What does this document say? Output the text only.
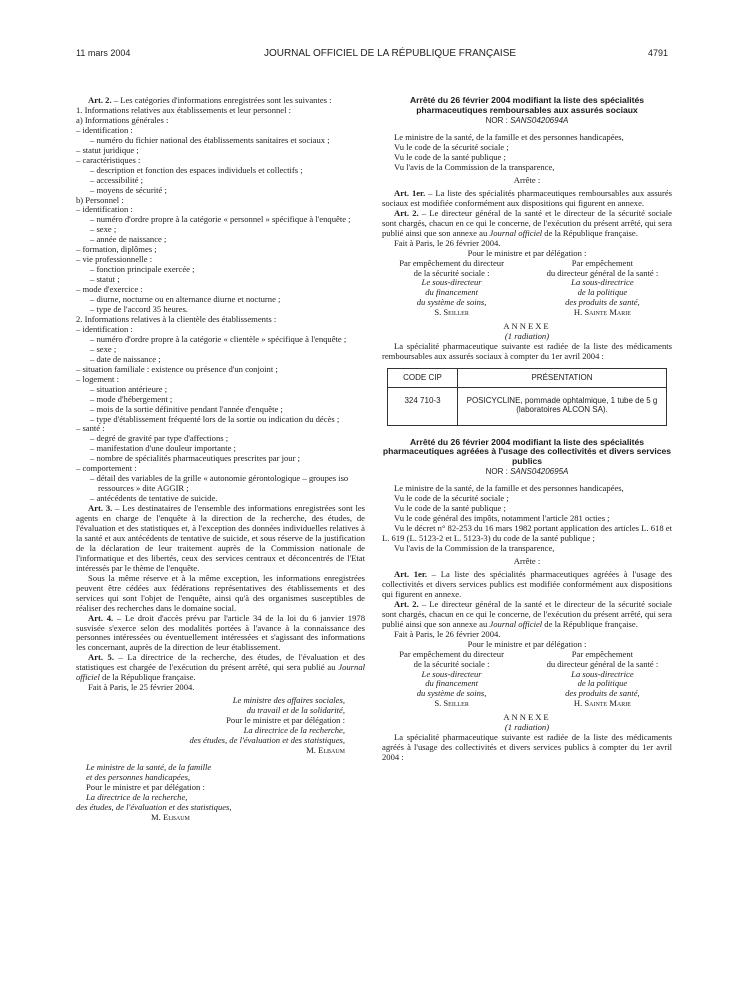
11 mars 2004	JOURNAL OFFICIEL DE LA RÉPUBLIQUE FRANÇAISE	4791
Art. 2. – Les catégories d'informations enregistrées sont les suivantes :
1. Informations relatives aux établissements et leur personnel :
a) Informations générales :
– identification :
– numéro du fichier national des établissements sanitaires et sociaux ;
– statut juridique ;
– caractéristiques :
– description et fonction des espaces individuels et collectifs ;
– accessibilité ;
– moyens de sécurité ;
b) Personnel :
– identification :
– numéro d'ordre propre à la catégorie « personnel » spécifique à l'enquête ;
– sexe ;
– année de naissance ;
– formation, diplômes ;
– vie professionnelle :
– fonction principale exercée ;
– statut ;
– mode d'exercice :
– diurne, nocturne ou en alternance diurne et nocturne ;
– type de l'accord 35 heures.
2. Informations relatives à la clientèle des établissements :
– identification :
– numéro d'ordre propre à la catégorie « clientèle » spécifique à l'enquête ;
– sexe ;
– date de naissance ;
– situation familiale : existence ou présence d'un conjoint ;
– logement :
– situation antérieure ;
– mode d'hébergement ;
– mois de la sortie définitive pendant l'année d'enquête ;
– type d'établissement fréquenté lors de la sortie ou indication du décès ;
– santé :
– degré de gravité par type d'affections ;
– manifestation d'une douleur importante ;
– nombre de spécialités pharmaceutiques prescrites par jour ;
– comportement :
– détail des variables de la grille « autonomie gérontologique – groupes iso ressources » dite AGGIR ;
– antécédents de tentative de suicide.
Art. 3. – Les destinataires de l'ensemble des informations enregistrées sont les agents en charge de l'enquête à la direction de la recherche, des études, de l'évaluation et des statistiques et, à l'exception des données individuelles relatives à la santé et aux antécédents de tentative de suicide, et sous réserve de la justification de la déclaration de leur traitement auprès de la Commission nationale de l'informatique et des libertés, ceux des services centraux et déconcentrés de l'Etat intéressés par le thème de l'enquête.
Sous la même réserve et à la même exception, les informations enregistrées peuvent être cédées aux fédérations représentatives des établissements et des services qui sont l'objet de l'enquête, ainsi qu'à des organismes susceptibles de réaliser des recherches dans le domaine social.
Art. 4. – Le droit d'accès prévu par l'article 34 de la loi du 6 janvier 1978 susvisée s'exerce selon des modalités portées à l'avance à la connaissance des personnes intéressées ou éventuellement intéressées et s'agissant des informations les concernant, auprès de la direction de leur établissement.
Art. 5. – La directrice de la recherche, des études, de l'évaluation et des statistiques est chargée de l'exécution du présent arrêté, qui sera publié au Journal officiel de la République française.
Fait à Paris, le 25 février 2004.
Le ministre des affaires sociales,
du travail et de la solidarité,
Pour le ministre et par délégation :
La directrice de la recherche,
des études, de l'évaluation et des statistiques,
M. Elbaum
Le ministre de la santé, de la famille
et des personnes handicapées,
Pour le ministre et par délégation :
La directrice de la recherche,
des études, de l'évaluation et des statistiques,
M. Elbaum
Arrêté du 26 février 2004 modifiant la liste des spécialités pharmaceutiques remboursables aux assurés sociaux
NOR : SANS0420694A
Le ministre de la santé, de la famille et des personnes handicapées,
Vu le code de la sécurité sociale ;
Vu le code de la santé publique ;
Vu l'avis de la Commission de la transparence,
Arrête :
Art. 1er. – La liste des spécialités pharmaceutiques remboursables aux assurés sociaux est modifiée conformément aux dispositions qui figurent en annexe.
Art. 2. – Le directeur général de la santé et le directeur de la sécurité sociale sont chargés, chacun en ce qui le concerne, de l'exécution du présent arrêté, qui sera publié ainsi que son annexe au Journal officiel de la République française.
Fait à Paris, le 26 février 2004.
Pour le ministre et par délégation :
Par empêchement du directeur
de la sécurité sociale :
Le sous-directeur
du financement
du système de soins,
S. Seiller
Par empêchement
du directeur général de la santé :
La sous-directrice
de la politique
des produits de santé,
H. Sainte Marie
ANNEXE
(1 radiation)
La spécialité pharmaceutique suivante est radiée de la liste des médicaments remboursables aux assurés sociaux à compter du 1er avril 2004 :
CODE CIP	PRÉSENTATION
324 710-3	POSICYCLINE, pommade ophtalmique, 1 tube de 5 g (laboratoires ALCON SA).
Arrêté du 26 février 2004 modifiant la liste des spécialités pharmaceutiques agréées à l'usage des collectivités et divers services publics
NOR : SANS0420695A
Le ministre de la santé, de la famille et des personnes handicapées,
Vu le code de la sécurité sociale ;
Vu le code de la santé publique ;
Vu le code général des impôts, notamment l'article 281 octies ;
Vu le décret n° 82-253 du 16 mars 1982 portant application des articles L. 618 et L. 619 (L. 5123-2 et L. 5123-3) du code de la santé publique ;
Vu l'avis de la Commission de la transparence,
Arrête :
Art. 1er. – La liste des spécialités pharmaceutiques agréées à l'usage des collectivités et divers services publics est modifiée conformément aux dispositions qui figurent en annexe.
Art. 2. – Le directeur général de la santé et le directeur de la sécurité sociale sont chargés, chacun en ce qui le concerne, de l'exécution du présent arrêté, qui sera publié ainsi que son annexe au Journal officiel de la République française.
Fait à Paris, le 26 février 2004.
Pour le ministre et par délégation :
Par empêchement du directeur
de la sécurité sociale :
Le sous-directeur
du financement
du système de soins,
S. Seiller
Par empêchement
du directeur général de la santé :
La sous-directrice
de la politique
des produits de santé,
H. Sainte Marie
ANNEXE
(1 radiation)
La spécialité pharmaceutique suivante est radiée de la liste des médicaments agréés à l'usage des collectivités et divers services publics à compter du 1er avril 2004 :
